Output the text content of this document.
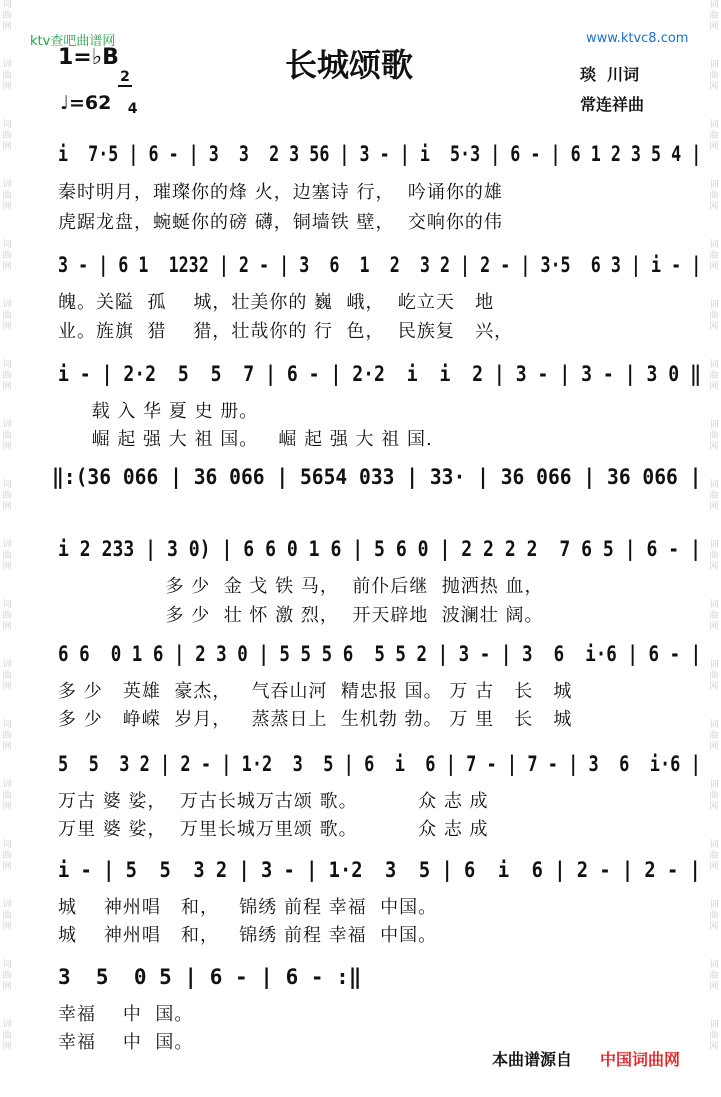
词曲网
词曲网
词曲网
词曲网
词曲网
词曲网
词曲网
词曲网
词曲网
词曲网
词曲网
词曲网
词曲网
词曲网
词曲网
词曲网
词曲网
词曲网
词曲网
词曲网
词曲网
词曲网
词曲网
词曲网
词曲网
词曲网
词曲网
词曲网
词曲网
词曲网
词曲网
词曲网
词曲网
词曲网
词曲网
词曲网
ktv查吧曲谱网	www.ktvc8.com
1=♭B

2

4

长城颂歌	琰  川词
常连祥曲
♩=62
i  7·5 | 6 - | 3  3  2 3 56 | 3 - | i  5·3 | 6 - | 6 1 2 3 5 4 |
秦时明月，璀璨你的烽 火，边塞诗 行，  吟诵你的雄
虎踞龙盘，蜿蜒你的磅 礴，铜墙铁 壁，  交响你的伟
3 - | 6 1  1232 | 2 - | 3  6  1  2  3 2 | 2 - | 3·5  6 3 | i - |
魄。关隘  孤    城，壮美你的 巍  峨，  屹立天   地
业。旌旗  猎    猎，壮哉你的 行  色，  民族复   兴，
i - | 2·2  5  5  7 | 6 - | 2·2  i  i  2 | 3 - | 3 - | 3 0 ‖
载 入 华 夏 史 册。
崛 起 强 大 祖 国。   崛 起 强 大 祖 国.
‖:(36 066 | 36 066 | 5654 033 | 33· | 36 066 | 36 066 |
i 2 233 | 3 0) | 6 6 0 1 6 | 5 6 0 | 2 2 2 2  7 6 5 | 6 - |
多 少  金 戈 铁 马，  前仆后继  抛洒热 血，
多 少  壮 怀 激 烈，  开天辟地  波澜壮 阔。
6 6  0 1 6 | 2 3 0 | 5 5 5 6  5 5 2 | 3 - | 3  6  i·6 | 6 - |
多 少   英雄  豪杰，   气吞山河  精忠报 国。 万 古   长   城
多 少   峥嵘  岁月，   蒸蒸日上  生机勃 勃。 万 里   长   城
5  5  3 2 | 2 - | 1·2  3  5 | 6  i  6 | 7 - | 7 - | 3  6  i·6 |
万古 婆 娑，  万古长城万古颂 歌。         众 志 成
万里 婆 娑，  万里长城万里颂 歌。         众 志 成
i - | 5  5  3 2 | 3 - | 1·2  3  5 | 6  i  6 | 2 - | 2 - |
城    神州唱   和，   锦绣 前程 幸福  中国。
城    神州唱   和，   锦绣 前程 幸福  中国。
3  5  0 5 | 6 - | 6 - :‖
幸福    中  国。
幸福    中  国。
本曲谱源自 中国词曲网
